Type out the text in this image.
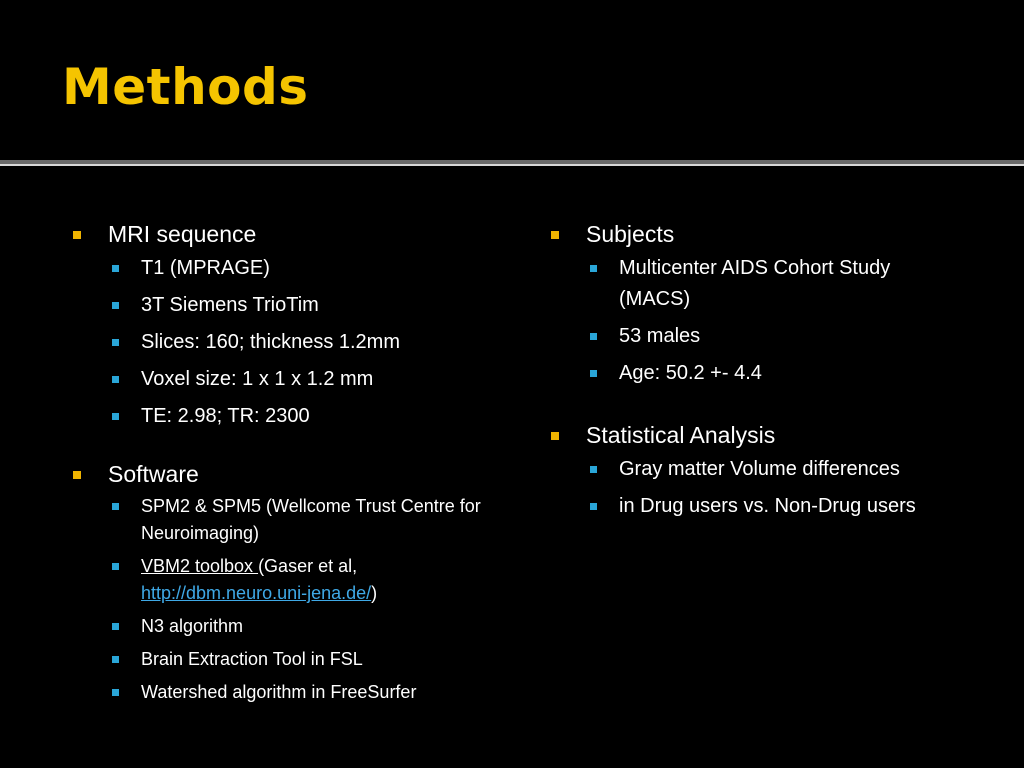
Methods
MRI sequence
T1 (MPRAGE)
3T Siemens TrioTim
Slices: 160; thickness 1.2mm
Voxel size: 1 x 1 x 1.2 mm
TE: 2.98; TR: 2300
Software
SPM2 & SPM5 (Wellcome Trust Centre for Neuroimaging)
VBM2 toolbox (Gaser et al, http://dbm.neuro.uni-jena.de/)
N3 algorithm
Brain Extraction Tool in FSL
Watershed algorithm in FreeSurfer
Subjects
Multicenter AIDS Cohort Study (MACS)
53 males
Age: 50.2 +- 4.4
Statistical Analysis
Gray matter Volume differences
in Drug users vs. Non-Drug users
